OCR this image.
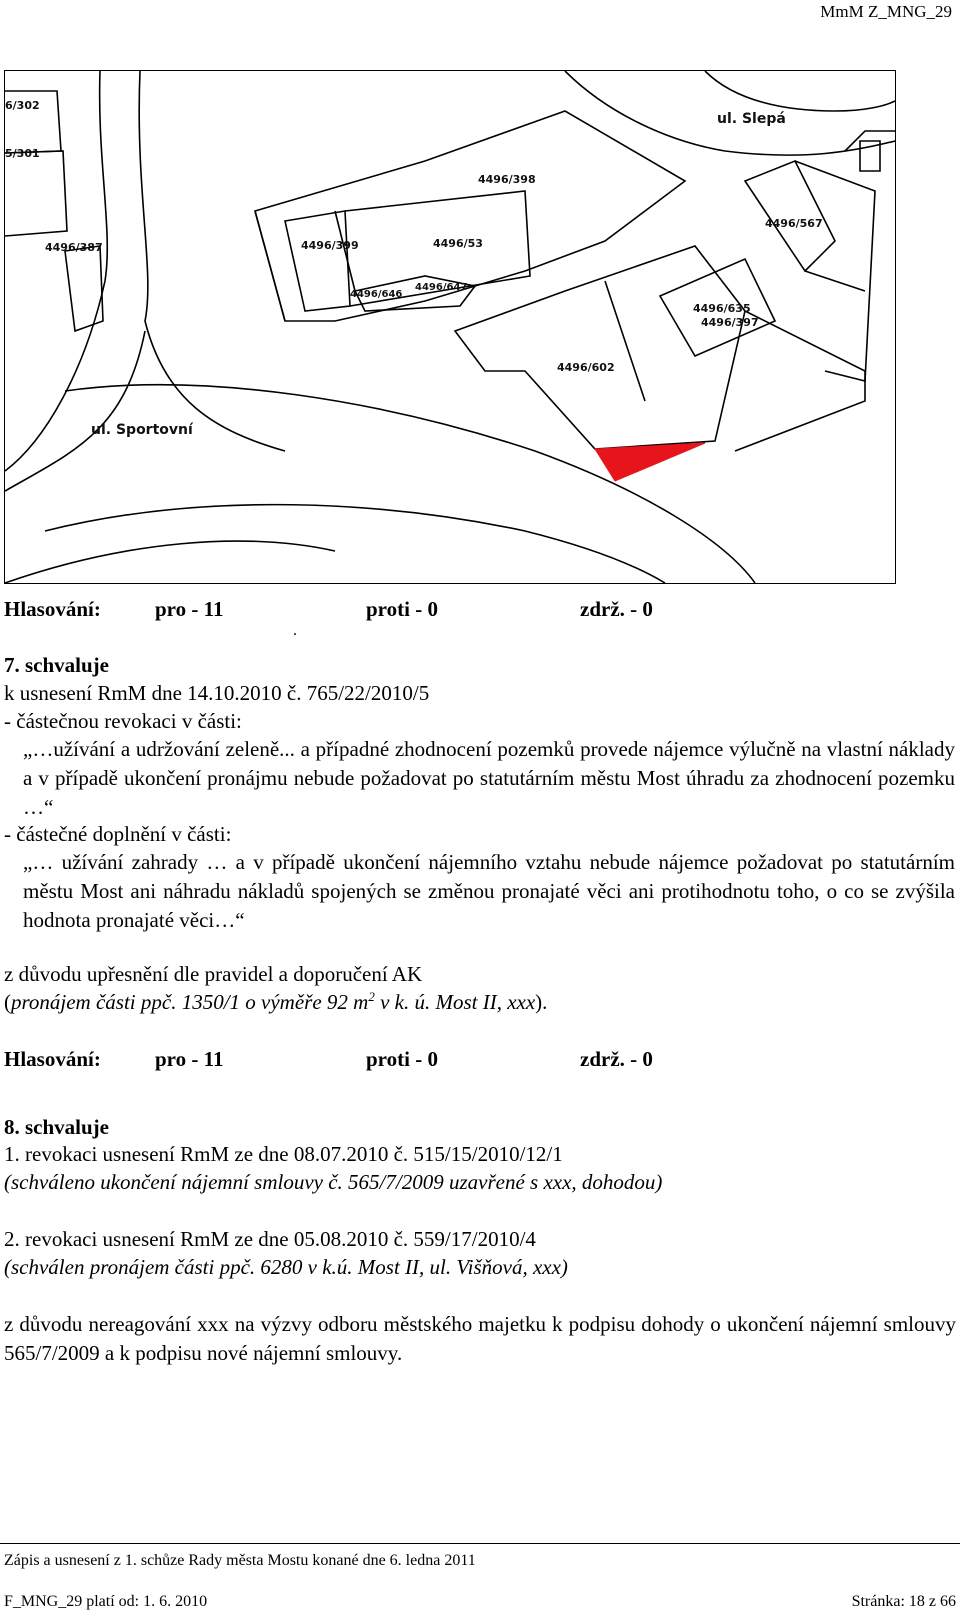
MmM Z_MNG_29
6/302
5/301
ul. Slepá
4496/398
4496/567
4496/387	4496/399	4496/53
4496/646
4496/647
4496/635
4496/397
4496/602
ul. Sportovní
Hlasování:	pro - 11	proti - 0	zdrž. - 0
.
7. schvaluje
k usnesení RmM dne 14.10.2010 č. 765/22/2010/5
- částečnou revokaci v části:
„…užívání a udržování zeleně... a případné zhodnocení pozemků provede nájemce výlučně na vlastní náklady a v případě ukončení pronájmu nebude požadovat po statutárním městu Most úhradu za zhodnocení pozemku …“
- částečné doplnění v části:
„… užívání zahrady … a v případě ukončení nájemního vztahu nebude nájemce požadovat po statutárním městu Most ani náhradu nákladů spojených se změnou pronajaté věci ani protihodnotu toho, o co se zvýšila hodnota pronajaté věci…“
z důvodu upřesnění dle pravidel a doporučení AK
(pronájem části ppč. 1350/1 o výměře 92 $m^2$ v k. ú. Most II, xxx).
Hlasování:	pro - 11	proti - 0	zdrž. - 0
8. schvaluje
1. revokaci usnesení RmM ze dne 08.07.2010 č. 515/15/2010/12/1
(schváleno ukončení nájemní smlouvy č. 565/7/2009 uzavřené s xxx, dohodou)
2. revokaci usnesení RmM ze dne 05.08.2010 č. 559/17/2010/4
(schválen pronájem části ppč. 6280 v k.ú. Most II, ul. Višňová, xxx)
z důvodu nereagování xxx na výzvy odboru městského majetku k podpisu dohody o ukončení nájemní smlouvy 565/7/2009 a k podpisu nové nájemní smlouvy.
Zápis a usnesení z 1. schůze Rady města Mostu konané dne 6. ledna 2011
F_MNG_29 platí od: 1. 6. 2010	Stránka: 18 z 66
